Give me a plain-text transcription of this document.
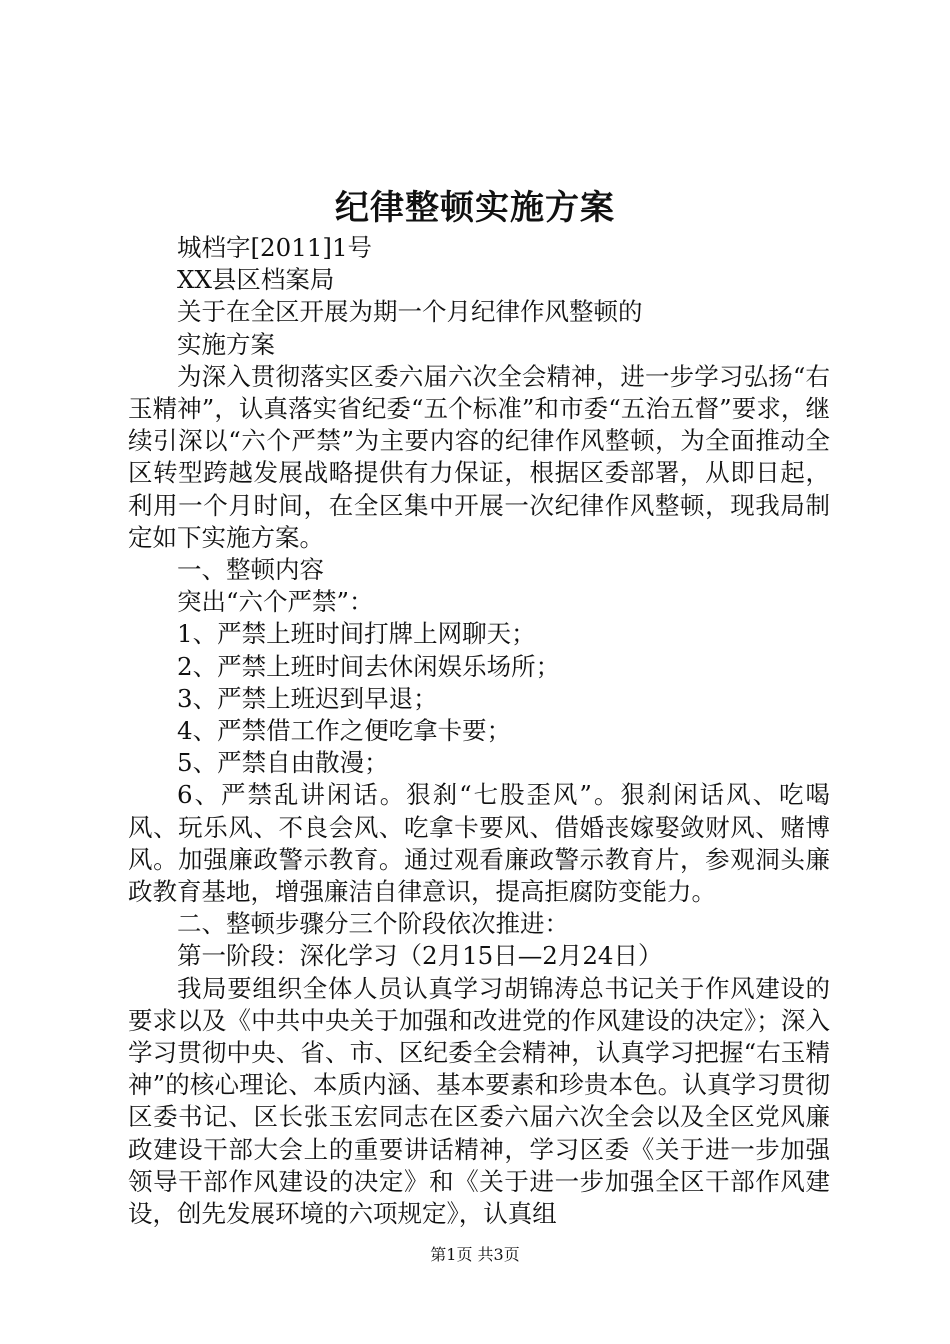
纪律整顿实施方案

城档字[2011]1号

XX县区档案局

关于在全区开展为期一个月纪律作风整顿的

实施方案

为深入贯彻落实区委六届六次全会精神，进一步学习弘扬“右玉精神”，认真落实省纪委“五个标准”和市委“五治五督”要求，继续引深以“六个严禁”为主要内容的纪律作风整顿，为全面推动全区转型跨越发展战略提供有力保证，根据区委部署，从即日起，利用一个月时间，在全区集中开展一次纪律作风整顿，现我局制定如下实施方案。

一、整顿内容

突出“六个严禁”：

1、严禁上班时间打牌上网聊天；

2、严禁上班时间去休闲娱乐场所；

3、严禁上班迟到早退；

4、严禁借工作之便吃拿卡要；

5、严禁自由散漫；

6、严禁乱讲闲话。狠刹“七股歪风”。狠刹闲话风、吃喝风、玩乐风、不良会风、吃拿卡要风、借婚丧嫁娶敛财风、赌博风。加强廉政警示教育。通过观看廉政警示教育片，参观洞头廉政教育基地，增强廉洁自律意识，提高拒腐防变能力。

二、整顿步骤分三个阶段依次推进：

第一阶段：深化学习（2月15日—2月24日）

我局要组织全体人员认真学习胡锦涛总书记关于作风建设的要求以及《中共中央关于加强和改进党的作风建设的决定》；深入学习贯彻中央、省、市、区纪委全会精神，认真学习把握“右玉精神”的核心理论、本质内涵、基本要素和珍贵本色。认真学习贯彻区委书记、区长张玉宏同志在区委六届六次全会以及全区党风廉政建设干部大会上的重要讲话精神，学习区委《关于进一步加强领导干部作风建设的决定》和《关于进一步加强全区干部作风建设，创先发展环境的六项规定》，认真组

第1页 共3页
